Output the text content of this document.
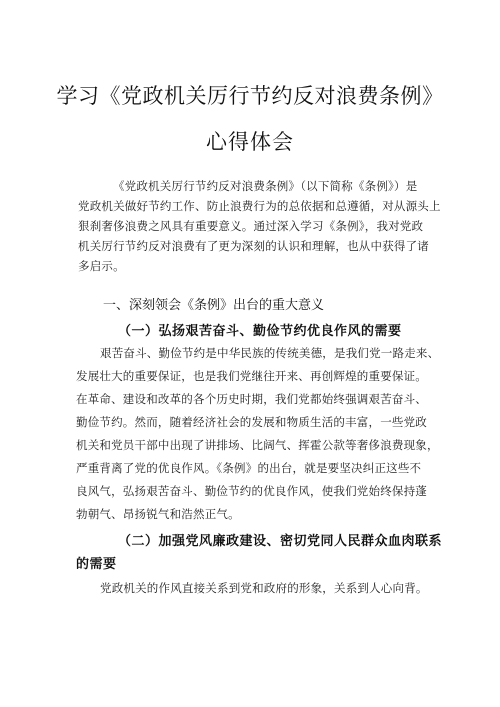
学习《党政机关厉行节约反对浪费条例》
心得体会
《党政机关厉行节约反对浪费条例》（以下简称《条例》）是
党政机关做好节约工作、防止浪费行为的总依据和总遵循，对从源头上
狠刹奢侈浪费之风具有重要意义。通过深入学习《条例》，我对党政
机关厉行节约反对浪费有了更为深刻的认识和理解，也从中获得了诸
多启示。
一、深刻领会《条例》出台的重大意义
（一）弘扬艰苦奋斗、勤俭节约优良作风的需要
艰苦奋斗、勤俭节约是中华民族的传统美德，是我们党一路走来、
发展壮大的重要保证，也是我们党继往开来、再创辉煌的重要保证。
在革命、建设和改革的各个历史时期，我们党都始终强调艰苦奋斗、
勤俭节约。然而，随着经济社会的发展和物质生活的丰富，一些党政
机关和党员干部中出现了讲排场、比阔气、挥霍公款等奢侈浪费现象，
严重背离了党的优良作风。《条例》的出台，就是要坚决纠正这些不
良风气，弘扬艰苦奋斗、勤俭节约的优良作风，使我们党始终保持蓬
勃朝气、昂扬锐气和浩然正气。
（二）加强党风廉政建设、密切党同人民群众血肉联系
的需要
党政机关的作风直接关系到党和政府的形象，关系到人心向背。
